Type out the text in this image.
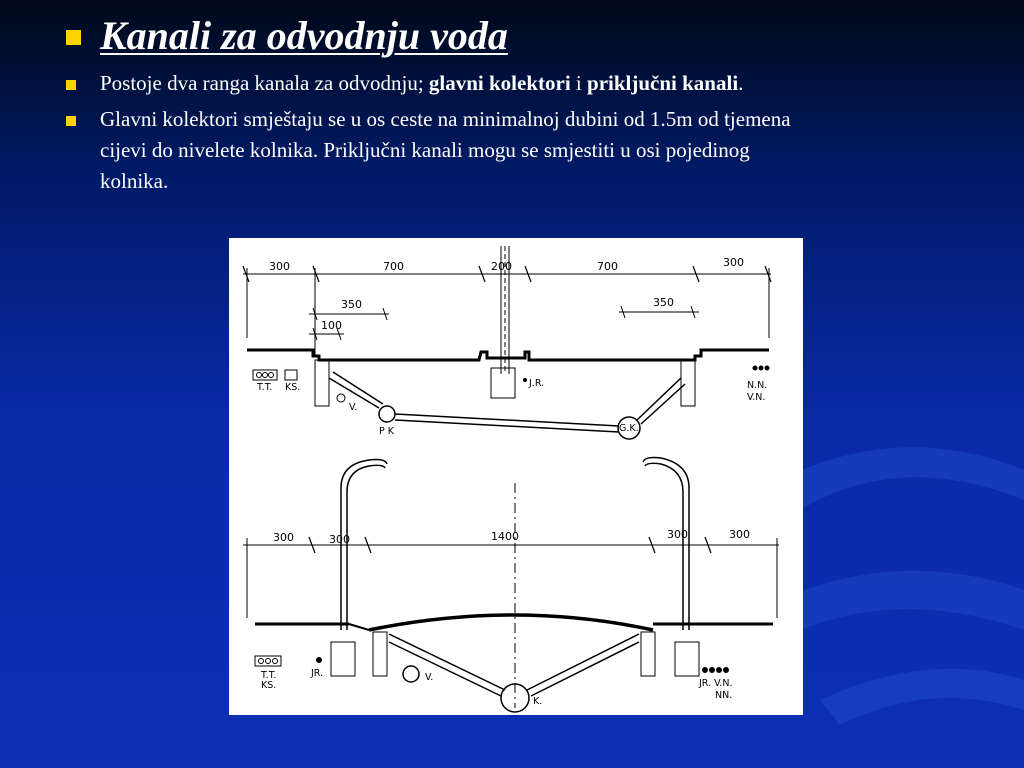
Kanali za odvodnju voda
Postoje dva ranga kanala za odvodnju; glavni kolektori i priključni kanali.
Glavni kolektori smještaju se u os ceste na minimalnoj dubini od 1.5m od tjemena
cijevi do nivelete kolnika. Priključni kanali mogu se smjestiti u osi pojedinog
kolnika.
300	700	200	700	300
350
100
350
T.T. KS.	J.R.	N.N.
V.N.
V.
P K	G.K.
300	300	1400	300	300
T.T.
KS.
JR.	V.
K.
JR. V.N.
NN.
